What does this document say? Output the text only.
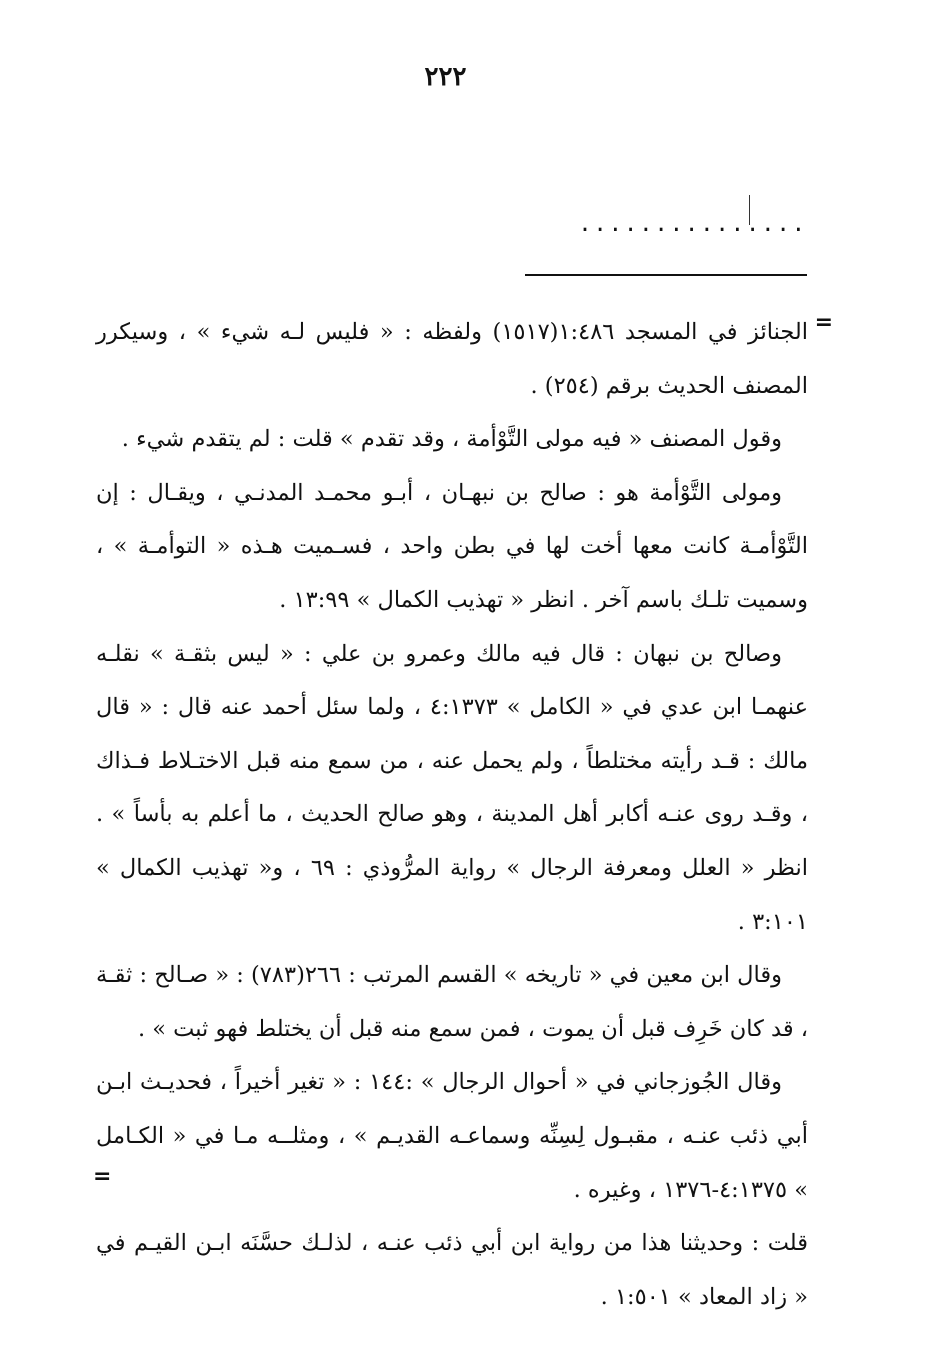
٢٢٢
...............
=

الجنائز في المسجد ١:٤٨٦(١٥١٧) ولفظه : « فليس لـه شيء » ، وسيكرر المصنف الحديث برقم (٢٥٤) .

وقول المصنف « فيه مولى التَّوْأمة ، وقد تقدم » قلت : لم يتقدم شيء .

ومولى التَّوْأمة هو : صالح بن نبهـان ، أبـو محمـد المدنـي ، ويقـال : إن التَّوْأمـة كانت معها أخت لها في بطن واحد ، فسـميت هـذه « التوأمـة » ، وسميت تلـك باسم آخر . انظر « تهذيب الكمال » ١٣:٩٩ .

وصالح بن نبهان : قال فيه مالك وعمرو بن علي : « ليس بثقـة » نقلـه عنهمـا ابن عدي في « الكامل » ٤:١٣٧٣ ، ولما سئل أحمد عنه قال : « قال مالك : قـد رأيته مختلطاً ، ولم يحمل عنه ، من سمع منه قبل الاختـلاط فـذاك ، وقـد روى عنـه أكابر أهل المدينة ، وهو صالح الحديث ، ما أعلم به بأساً » . انظر « العلل ومعرفة الرجال » رواية المرُّوذي : ٦٩ ، و« تهذيب الكمال » ٣:١٠١ .

وقال ابن معين في « تاريخه » القسم المرتب : ٢٦٦(٧٨٣) : « صـالح : ثقـة ، قد كان خَرِف قبل أن يموت ، فمن سمع منه قبل أن يختلط فهو ثبت » .

وقال الجُوزجاني في « أحوال الرجال » :١٤٤ : « تغير أخيراً ، فحديـث ابـن أبي ذئب عنـه ، مقبـول لِسِنِّه وسماعـه القديـم » ، ومثلــه مـا في « الكـامل » ٤:١٣٧٥-١٣٧٦ ، وغيره .

قلت : وحديثنا هذا من رواية ابن أبي ذئب عنـه ، لذلـك حسَّنَه ابـن القيـم في « زاد المعاد » ١:٥٠١ .

=
